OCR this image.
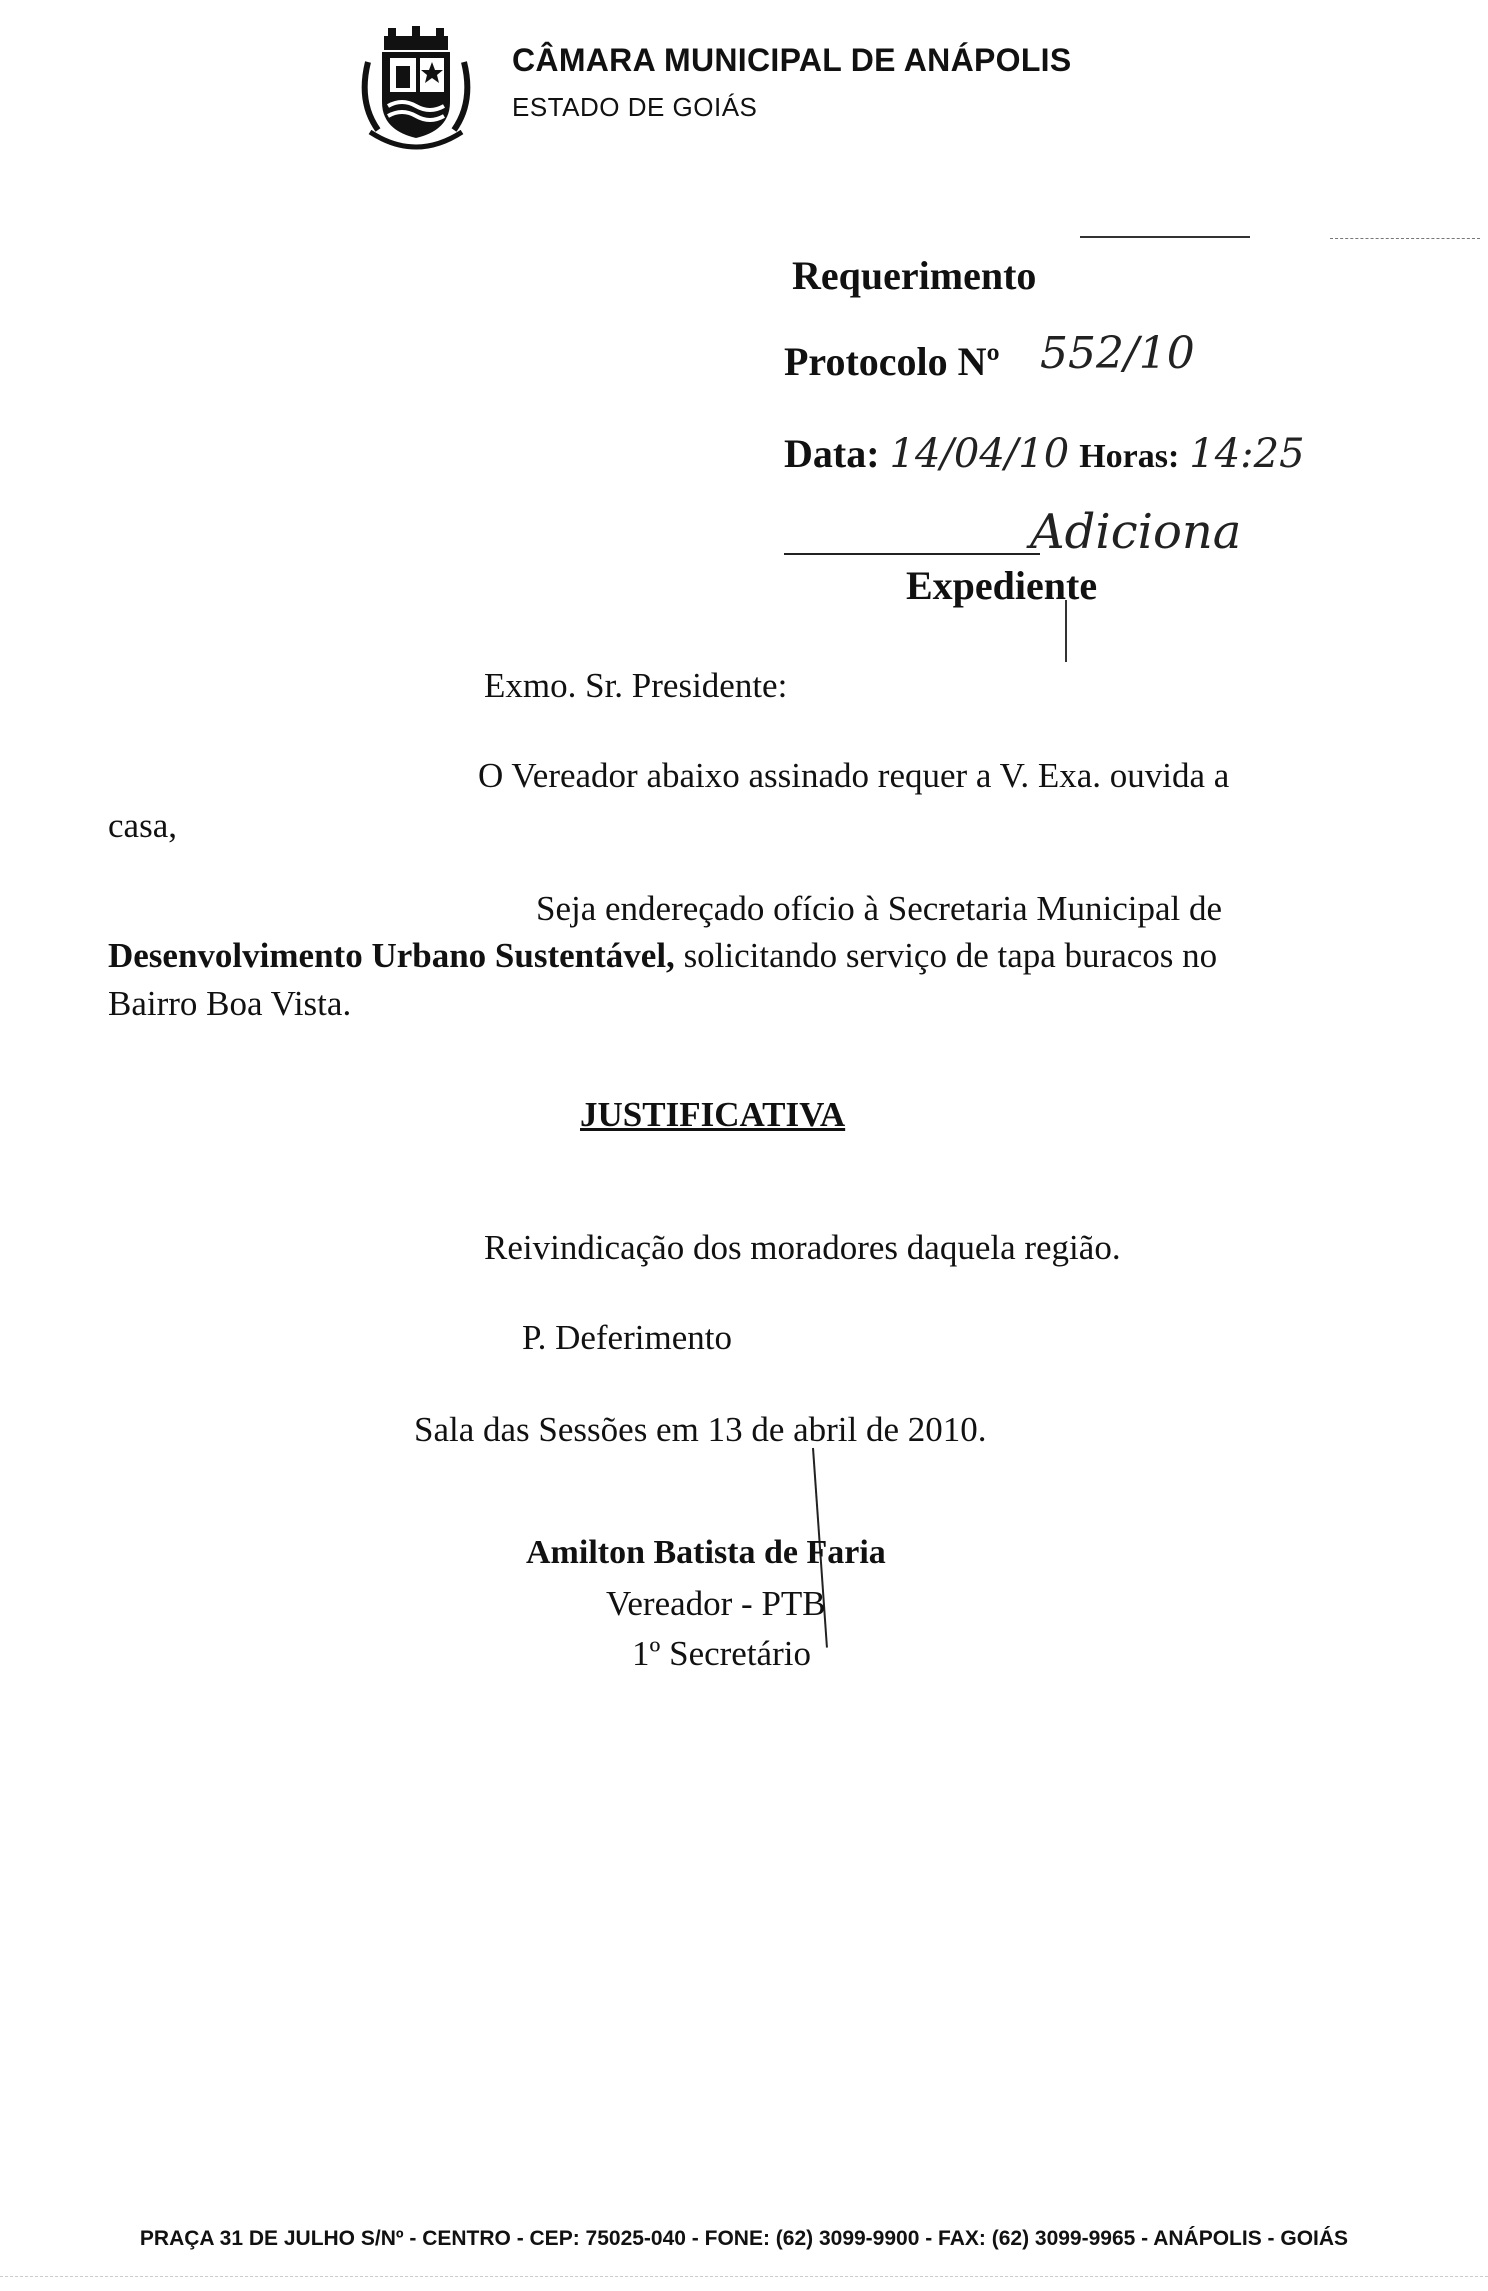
CÂMARA MUNICIPAL DE ANÁPOLIS
ESTADO DE GOIÁS
Requerimento
Protocolo Nº 552/10
Data: 14/04/10 Horas: 14:25
Adiciona
Expediente
Exmo. Sr. Presidente:
O Vereador abaixo assinado requer a V. Exa. ouvida a
casa,
Seja endereçado ofício à Secretaria Municipal de
Desenvolvimento Urbano Sustentável, solicitando serviço de tapa buracos no
Bairro Boa Vista.
JUSTIFICATIVA
Reivindicação dos moradores daquela região.
P. Deferimento
Sala das Sessões em 13 de abril de 2010.
Amilton Batista de Faria
Vereador - PTB
1º Secretário
PRAÇA 31 DE JULHO S/Nº - CENTRO - CEP: 75025-040 - FONE: (62) 3099-9900 - FAX: (62) 3099-9965 - ANÁPOLIS - GOIÁS
